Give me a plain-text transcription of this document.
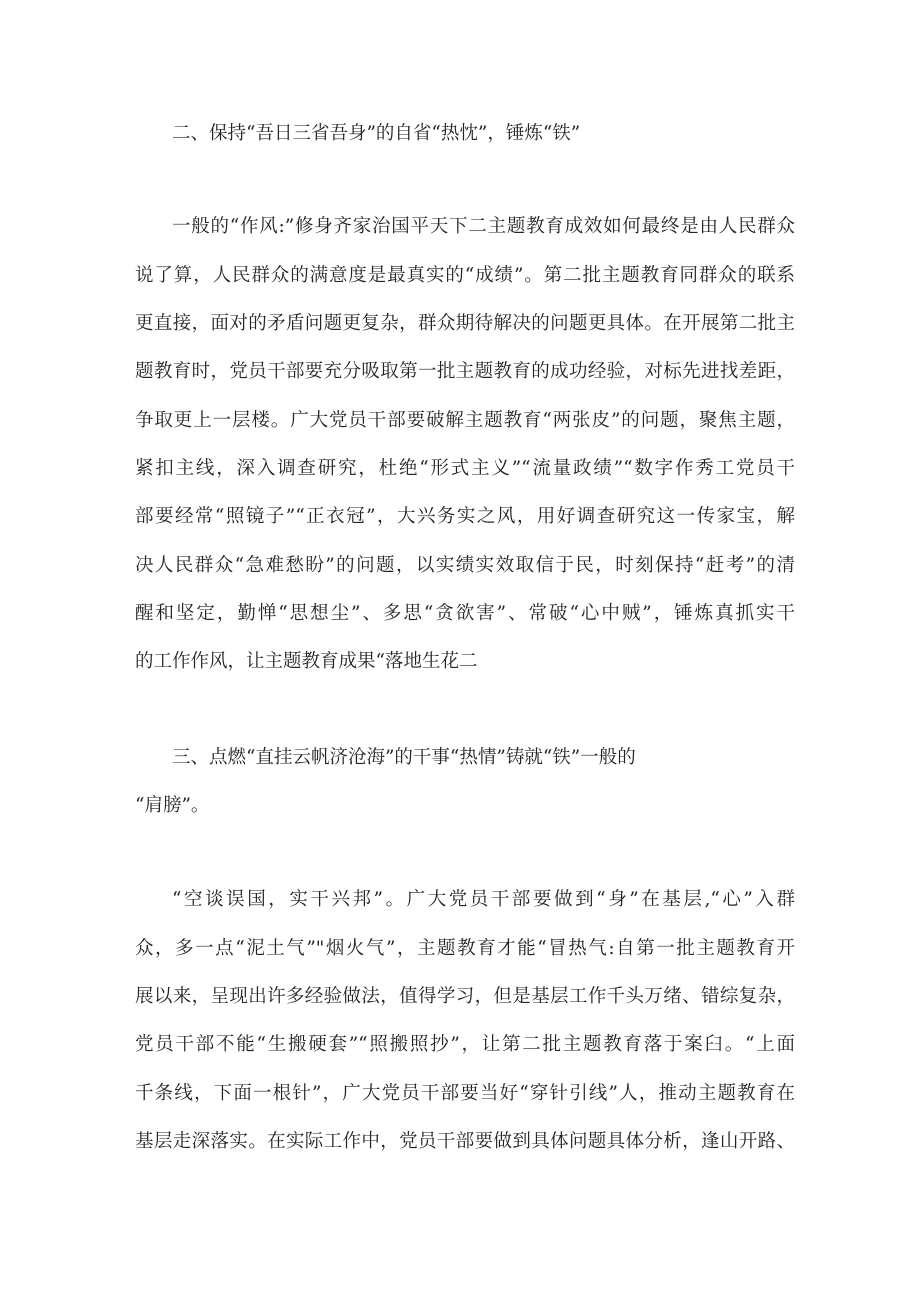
二、保持“吾日三省吾身”的自省“热忱”，锤炼“铁”
一般的“作风:”修身齐家治国平天下二主题教育成效如何最终是由人民群众
说了算，人民群众的满意度是最真实的“成绩”。第二批主题教育同群众的联系
更直接，面对的矛盾问题更复杂，群众期待解决的问题更具体。在开展第二批主
题教育时，党员干部要充分吸取第一批主题教育的成功经验，对标先进找差距，
争取更上一层楼。广大党员干部要破解主题教育“两张皮”的问题，聚焦主题，
紧扣主线，深入调查研究，杜绝“形式主义”“流量政绩”“数字作秀工党员干
部要经常“照镜子”“正衣冠”，大兴务实之风，用好调查研究这一传家宝，解
决人民群众“急难愁盼”的问题，以实绩实效取信于民，时刻保持“赶考”的清
醒和坚定，勤惮“思想尘”、多思“贪欲害”、常破“心中贼”，锤炼真抓实干
的工作作风，让主题教育成果“落地生花二
三、点燃“直挂云帆济沧海”的干事“热情”铸就“铁”一般的
“肩膀”。
“空谈误国，实干兴邦”。广大党员干部要做到“身”在基层,“心”入群
众，多一点“泥土气”"烟火气”，主题教育才能“冒热气:自第一批主题教育开
展以来，呈现出许多经验做法，值得学习，但是基层工作千头万绪、错综复杂，
党员干部不能“生搬硬套”“照搬照抄”，让第二批主题教育落于案臼。“上面
千条线，下面一根针”，广大党员干部要当好“穿针引线”人，推动主题教育在
基层走深落实。在实际工作中，党员干部要做到具体问题具体分析，逢山开路、
